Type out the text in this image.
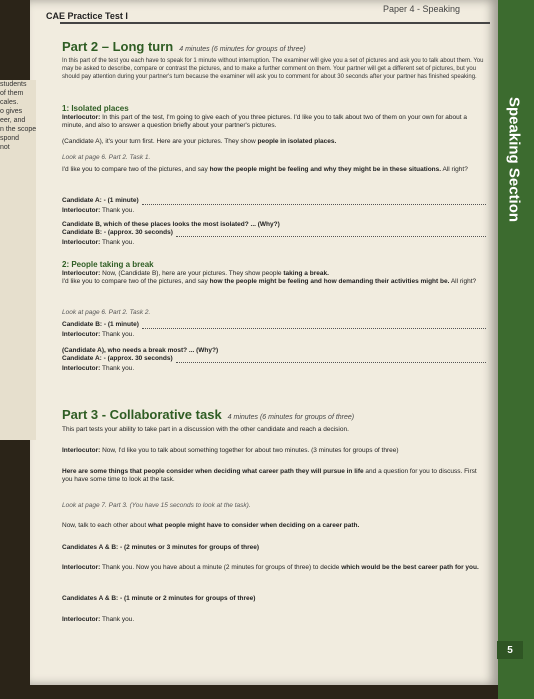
students
of them
cales.
o gives
eer, and
n the scope
spond
not
CAE Practice Test I
Paper 4 - Speaking
Speaking Section
5
Part 2 – Long turn 4 minutes (6 minutes for groups of three)

In this part of the test you each have to speak for 1 minute without interruption. The examiner will give you a set of pictures and ask you to talk about them. You may be asked to describe, compare or contrast the pictures, and to make a further comment on them. Your partner will get a different set of pictures, but you should pay attention during your partner's turn because the examiner will ask you to comment for about 30 seconds after your partner has finished speaking.

1: Isolated places

Interlocutor: In this part of the test, I'm going to give each of you three pictures. I'd like you to talk about two of them on your own for about a minute, and also to answer a question briefly about your partner's pictures.

(Candidate A), it's your turn first. Here are your pictures. They show people in isolated places.

Look at page 6. Part 2. Task 1.

I'd like you to compare two of the pictures, and say how the people might be feeling and why they might be in these situations. All right?

Candidate A: - (1 minute)

Interlocutor: Thank you.

Candidate B, which of these places looks the most isolated? ... (Why?)

Candidate B: - (approx. 30 seconds)

Interlocutor: Thank you.

2: People taking a break

Interlocutor: Now, (Candidate B), here are your pictures. They show people taking a break.

I'd like you to compare two of the pictures, and say how the people might be feeling and how demanding their activities might be. All right?

Look at page 6. Part 2. Task 2.

Candidate B: - (1 minute)

Interlocutor: Thank you.

(Candidate A), who needs a break most? ... (Why?)

Candidate A: - (approx. 30 seconds)

Interlocutor: Thank you.

Part 3 - Collaborative task 4 minutes (6 minutes for groups of three)

This part tests your ability to take part in a discussion with the other candidate and reach a decision.

Interlocutor: Now, I'd like you to talk about something together for about two minutes. (3 minutes for groups of three)

Here are some things that people consider when deciding what career path they will pursue in life and a question for you to discuss. First you have some time to look at the task.

Look at page 7. Part 3. (You have 15 seconds to look at the task).

Now, talk to each other about what people might have to consider when deciding on a career path.

Candidates A & B: - (2 minutes or 3 minutes for groups of three)

Interlocutor: Thank you. Now you have about a minute (2 minutes for groups of three) to decide which would be the best career path for you.

Candidates A & B: - (1 minute or 2 minutes for groups of three)

Interlocutor: Thank you.
